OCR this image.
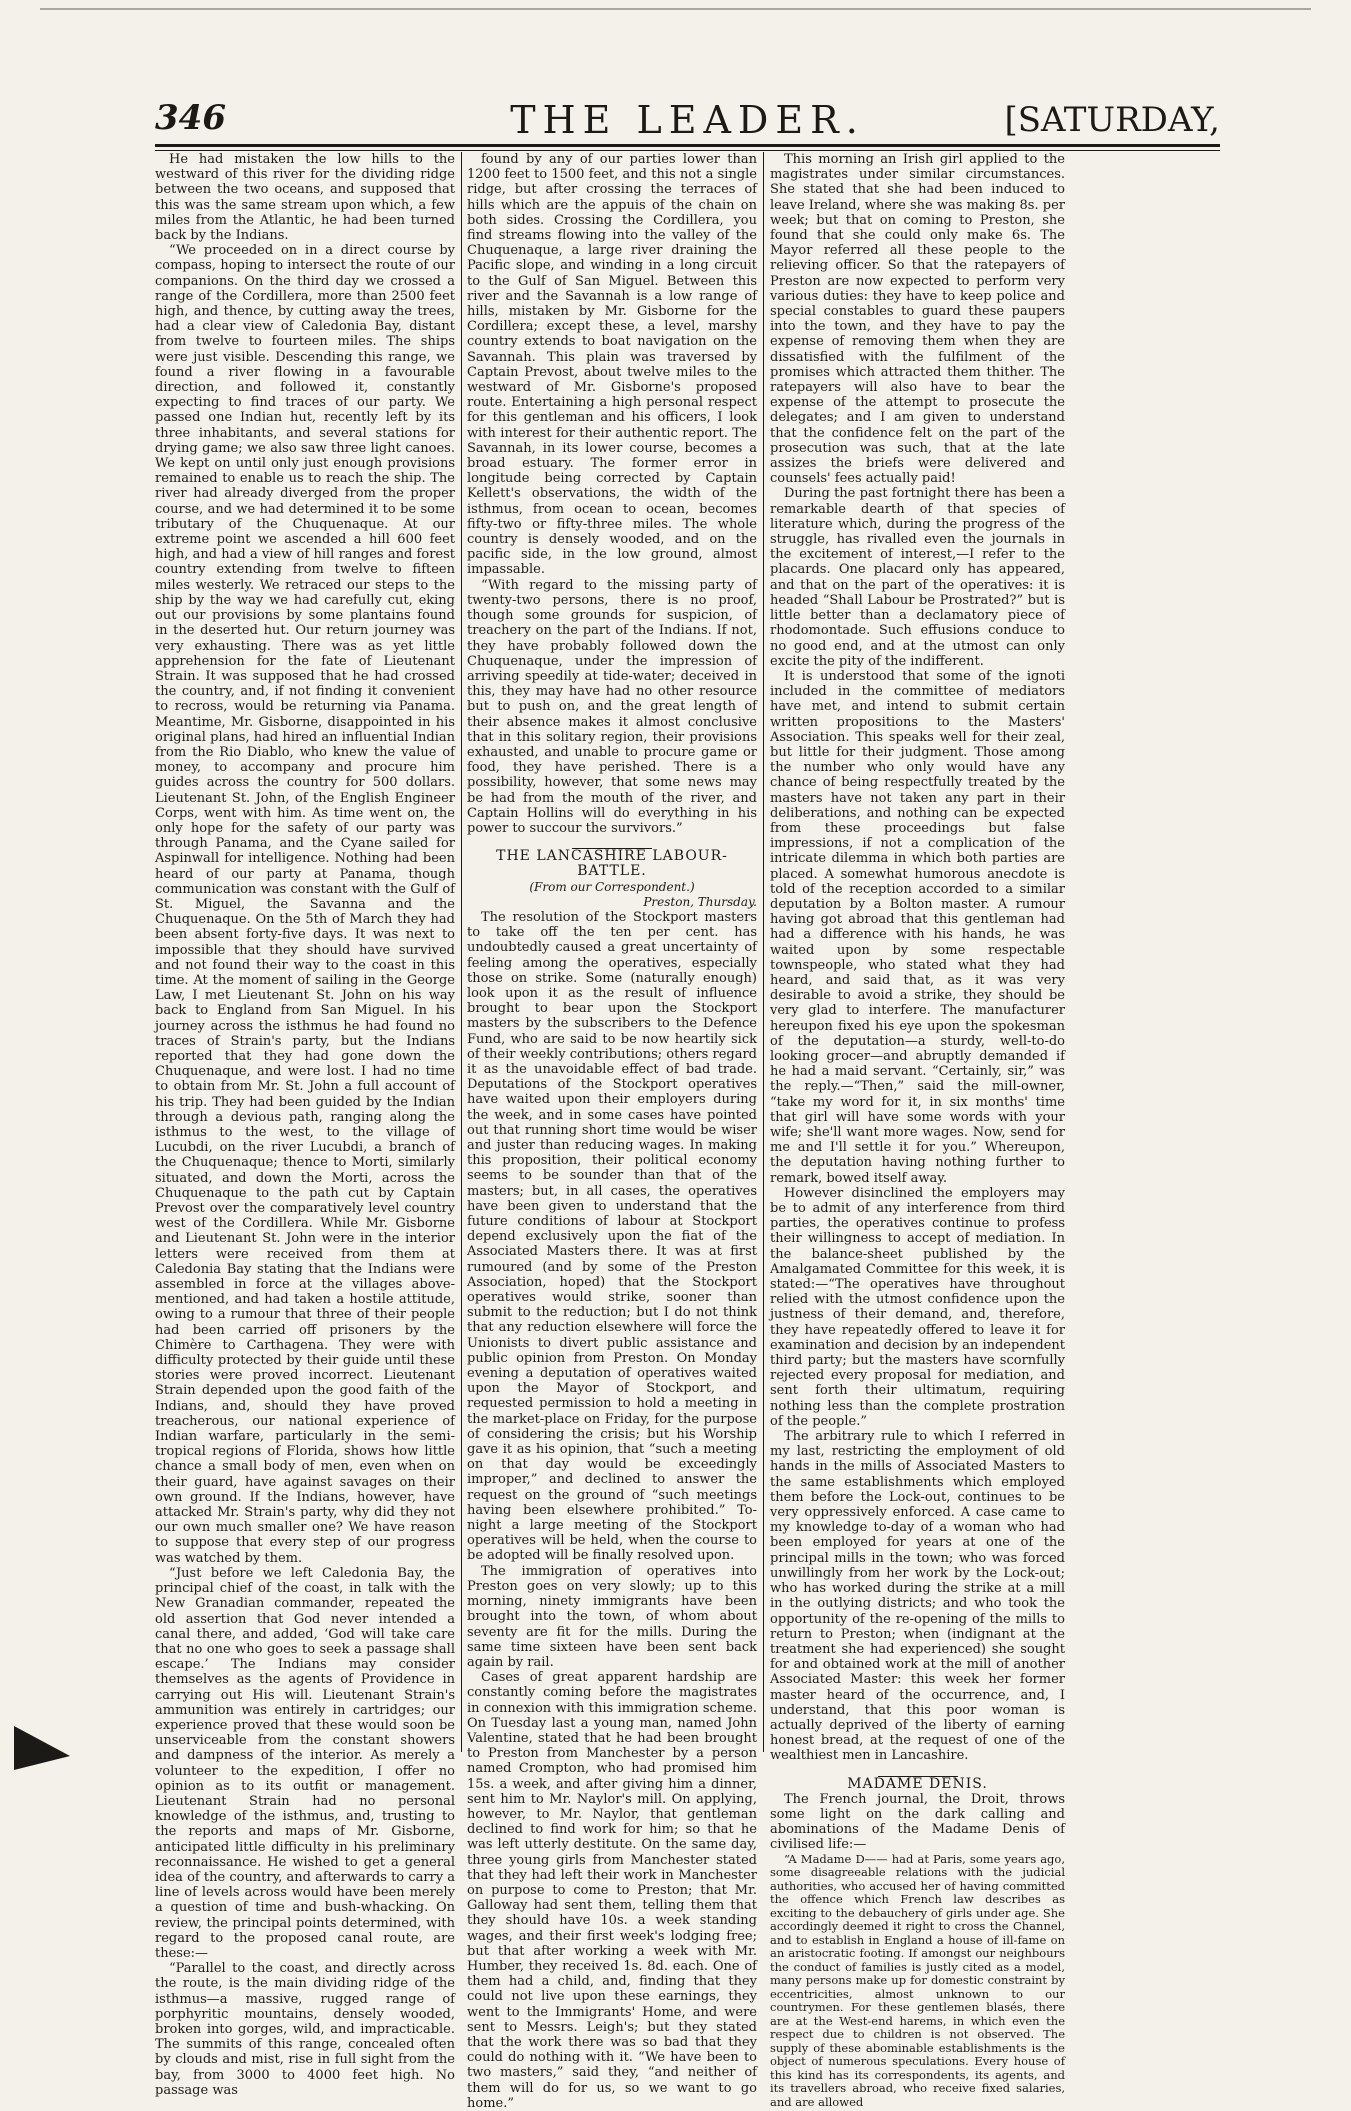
346	THE LEADER.	[SATURDAY,

He had mistaken the low hills to the westward of this river for the dividing ridge between the two oceans, and supposed that this was the same stream upon which, a few miles from the Atlantic, he had been turned back by the Indians.

“We proceeded on in a direct course by compass, hoping to intersect the route of our companions. On the third day we crossed a range of the Cordillera, more than 2500 feet high, and thence, by cutting away the trees, had a clear view of Caledonia Bay, distant from twelve to fourteen miles. The ships were just visible. Descending this range, we found a river flowing in a favourable direction, and followed it, constantly expecting to find traces of our party. We passed one Indian hut, recently left by its three inhabitants, and several stations for drying game; we also saw three light canoes. We kept on until only just enough provisions remained to enable us to reach the ship. The river had already diverged from the proper course, and we had determined it to be some tributary of the Chuquenaque. At our extreme point we ascended a hill 600 feet high, and had a view of hill ranges and forest country extending from twelve to fifteen miles westerly. We retraced our steps to the ship by the way we had carefully cut, eking out our provisions by some plantains found in the deserted hut. Our return journey was very exhausting. There was as yet little apprehension for the fate of Lieutenant Strain. It was supposed that he had crossed the country, and, if not finding it convenient to recross, would be returning via Panama. Meantime, Mr. Gisborne, disappointed in his original plans, had hired an influential Indian from the Rio Diablo, who knew the value of money, to accompany and procure him guides across the country for 500 dollars. Lieutenant St. John, of the English Engineer Corps, went with him. As time went on, the only hope for the safety of our party was through Panama, and the Cyane sailed for Aspinwall for intelligence. Nothing had been heard of our party at Panama, though communication was constant with the Gulf of St. Miguel, the Savanna and the Chuquenaque. On the 5th of March they had been absent forty-five days. It was next to impossible that they should have survived and not found their way to the coast in this time. At the moment of sailing in the George Law, I met Lieutenant St. John on his way back to England from San Miguel. In his journey across the isthmus he had found no traces of Strain's party, but the Indians reported that they had gone down the Chuquenaque, and were lost. I had no time to obtain from Mr. St. John a full account of his trip. They had been guided by the Indian through a devious path, ranging along the isthmus to the west, to the village of Lucubdi, on the river Lucubdi, a branch of the Chuquenaque; thence to Morti, similarly situated, and down the Morti, across the Chuquenaque to the path cut by Captain Prevost over the comparatively level country west of the Cordillera. While Mr. Gisborne and Lieutenant St. John were in the interior letters were received from them at Caledonia Bay stating that the Indians were assembled in force at the villages above-mentioned, and had taken a hostile attitude, owing to a rumour that three of their people had been carried off prisoners by the Chimère to Carthagena. They were with difficulty protected by their guide until these stories were proved incorrect. Lieutenant Strain depended upon the good faith of the Indians, and, should they have proved treacherous, our national experience of Indian warfare, particularly in the semi-tropical regions of Florida, shows how little chance a small body of men, even when on their guard, have against savages on their own ground. If the Indians, however, have attacked Mr. Strain's party, why did they not our own much smaller one? We have reason to suppose that every step of our progress was watched by them.

“Just before we left Caledonia Bay, the principal chief of the coast, in talk with the New Granadian commander, repeated the old assertion that God never intended a canal there, and added, ‘God will take care that no one who goes to seek a passage shall escape.’ The Indians may consider themselves as the agents of Providence in carrying out His will. Lieutenant Strain's ammunition was entirely in cartridges; our experience proved that these would soon be unserviceable from the constant showers and dampness of the interior. As merely a volunteer to the expedition, I offer no opinion as to its outfit or management. Lieutenant Strain had no personal knowledge of the isthmus, and, trusting to the reports and maps of Mr. Gisborne, anticipated little difficulty in his preliminary reconnaissance. He wished to get a general idea of the country, and afterwards to carry a line of levels across would have been merely a question of time and bush-whacking. On review, the principal points determined, with regard to the proposed canal route, are these:—

“Parallel to the coast, and directly across the route, is the main dividing ridge of the isthmus—a massive, rugged range of porphyritic mountains, densely wooded, broken into gorges, wild, and impracticable. The summits of this range, concealed often by clouds and mist, rise in full sight from the bay, from 3000 to 4000 feet high. No passage was

found by any of our parties lower than 1200 feet to 1500 feet, and this not a single ridge, but after crossing the terraces of hills which are the appuis of the chain on both sides. Crossing the Cordillera, you find streams flowing into the valley of the Chuquenaque, a large river draining the Pacific slope, and winding in a long circuit to the Gulf of San Miguel. Between this river and the Savannah is a low range of hills, mistaken by Mr. Gisborne for the Cordillera; except these, a level, marshy country extends to boat navigation on the Savannah. This plain was traversed by Captain Prevost, about twelve miles to the westward of Mr. Gisborne's proposed route. Entertaining a high personal respect for this gentleman and his officers, I look with interest for their authentic report. The Savannah, in its lower course, becomes a broad estuary. The former error in longitude being corrected by Captain Kellett's observations, the width of the isthmus, from ocean to ocean, becomes fifty-two or fifty-three miles. The whole country is densely wooded, and on the pacific side, in the low ground, almost impassable.

“With regard to the missing party of twenty-two persons, there is no proof, though some grounds for suspicion, of treachery on the part of the Indians. If not, they have probably followed down the Chuquenaque, under the impression of arriving speedily at tide-water; deceived in this, they may have had no other resource but to push on, and the great length of their absence makes it almost conclusive that in this solitary region, their provisions exhausted, and unable to procure game or food, they have perished. There is a possibility, however, that some news may be had from the mouth of the river, and Captain Hollins will do everything in his power to succour the survivors.”

THE LANCASHIRE LABOUR-BATTLE.

(From our Correspondent.)

Preston, Thursday.

The resolution of the Stockport masters to take off the ten per cent. has undoubtedly caused a great uncertainty of feeling among the operatives, especially those on strike. Some (naturally enough) look upon it as the result of influence brought to bear upon the Stockport masters by the subscribers to the Defence Fund, who are said to be now heartily sick of their weekly contributions; others regard it as the unavoidable effect of bad trade. Deputations of the Stockport operatives have waited upon their employers during the week, and in some cases have pointed out that running short time would be wiser and juster than reducing wages. In making this proposition, their political economy seems to be sounder than that of the masters; but, in all cases, the operatives have been given to understand that the future conditions of labour at Stockport depend exclusively upon the fiat of the Associated Masters there. It was at first rumoured (and by some of the Preston Association, hoped) that the Stockport operatives would strike, sooner than submit to the reduction; but I do not think that any reduction elsewhere will force the Unionists to divert public assistance and public opinion from Preston. On Monday evening a deputation of operatives waited upon the Mayor of Stockport, and requested permission to hold a meeting in the market-place on Friday, for the purpose of considering the crisis; but his Worship gave it as his opinion, that “such a meeting on that day would be exceedingly improper,” and declined to answer the request on the ground of “such meetings having been elsewhere prohibited.” To-night a large meeting of the Stockport operatives will be held, when the course to be adopted will be finally resolved upon.

The immigration of operatives into Preston goes on very slowly; up to this morning, ninety immigrants have been brought into the town, of whom about seventy are fit for the mills. During the same time sixteen have been sent back again by rail.

Cases of great apparent hardship are constantly coming before the magistrates in connexion with this immigration scheme. On Tuesday last a young man, named John Valentine, stated that he had been brought to Preston from Manchester by a person named Crompton, who had promised him 15s. a week, and after giving him a dinner, sent him to Mr. Naylor's mill. On applying, however, to Mr. Naylor, that gentleman declined to find work for him; so that he was left utterly destitute. On the same day, three young girls from Manchester stated that they had left their work in Manchester on purpose to come to Preston; that Mr. Galloway had sent them, telling them that they should have 10s. a week standing wages, and their first week's lodging free; but that after working a week with Mr. Humber, they received 1s. 8d. each. One of them had a child, and, finding that they could not live upon these earnings, they went to the Immigrants' Home, and were sent to Messrs. Leigh's; but they stated that the work there was so bad that they could do nothing with it. “We have been to two masters,” said they, “and neither of them will do for us, so we want to go home.”

This morning an Irish girl applied to the magistrates under similar circumstances. She stated that she had been induced to leave Ireland, where she was making 8s. per week; but that on coming to Preston, she found that she could only make 6s. The Mayor referred all these people to the relieving officer. So that the ratepayers of Preston are now expected to perform very various duties: they have to keep police and special constables to guard these paupers into the town, and they have to pay the expense of removing them when they are dissatisfied with the fulfilment of the promises which attracted them thither. The ratepayers will also have to bear the expense of the attempt to prosecute the delegates; and I am given to understand that the confidence felt on the part of the prosecution was such, that at the late assizes the briefs were delivered and counsels' fees actually paid!

During the past fortnight there has been a remarkable dearth of that species of literature which, during the progress of the struggle, has rivalled even the journals in the excitement of interest,—I refer to the placards. One placard only has appeared, and that on the part of the operatives: it is headed “Shall Labour be Prostrated?” but is little better than a declamatory piece of rhodomontade. Such effusions conduce to no good end, and at the utmost can only excite the pity of the indifferent.

It is understood that some of the ignoti included in the committee of mediators have met, and intend to submit certain written propositions to the Masters' Association. This speaks well for their zeal, but little for their judgment. Those among the number who only would have any chance of being respectfully treated by the masters have not taken any part in their deliberations, and nothing can be expected from these proceedings but false impressions, if not a complication of the intricate dilemma in which both parties are placed. A somewhat humorous anecdote is told of the reception accorded to a similar deputation by a Bolton master. A rumour having got abroad that this gentleman had had a difference with his hands, he was waited upon by some respectable townspeople, who stated what they had heard, and said that, as it was very desirable to avoid a strike, they should be very glad to interfere. The manufacturer hereupon fixed his eye upon the spokesman of the deputation—a sturdy, well-to-do looking grocer—and abruptly demanded if he had a maid servant. “Certainly, sir,” was the reply.—“Then,” said the mill-owner, “take my word for it, in six months' time that girl will have some words with your wife; she'll want more wages. Now, send for me and I'll settle it for you.” Whereupon, the deputation having nothing further to remark, bowed itself away.

However disinclined the employers may be to admit of any interference from third parties, the operatives continue to profess their willingness to accept of mediation. In the balance-sheet published by the Amalgamated Committee for this week, it is stated:—“The operatives have throughout relied with the utmost confidence upon the justness of their demand, and, therefore, they have repeatedly offered to leave it for examination and decision by an independent third party; but the masters have scornfully rejected every proposal for mediation, and sent forth their ultimatum, requiring nothing less than the complete prostration of the people.”

The arbitrary rule to which I referred in my last, restricting the employment of old hands in the mills of Associated Masters to the same establishments which employed them before the Lock-out, continues to be very oppressively enforced. A case came to my knowledge to-day of a woman who had been employed for years at one of the principal mills in the town; who was forced unwillingly from her work by the Lock-out; who has worked during the strike at a mill in the outlying districts; and who took the opportunity of the re-opening of the mills to return to Preston; when (indignant at the treatment she had experienced) she sought for and obtained work at the mill of another Associated Master: this week her former master heard of the occurrence, and, I understand, that this poor woman is actually deprived of the liberty of earning honest bread, at the request of one of the wealthiest men in Lancashire.

MADAME DENIS.

The French journal, the Droit, throws some light on the dark calling and abominations of the Madame Denis of civilised life:—

“A Madame D—— had at Paris, some years ago, some disagreeable relations with the judicial authorities, who accused her of having committed the offence which French law describes as exciting to the debauchery of girls under age. She accordingly deemed it right to cross the Channel, and to establish in England a house of ill-fame on an aristocratic footing. If amongst our neighbours the conduct of families is justly cited as a model, many persons make up for domestic constraint by eccentricities, almost unknown to our countrymen. For these gentlemen blasés, there are at the West-end harems, in which even the respect due to children is not observed. The supply of these abominable establishments is the object of numerous speculations. Every house of this kind has its correspondents, its agents, and its travellers abroad, who receive fixed salaries, and are allowed
